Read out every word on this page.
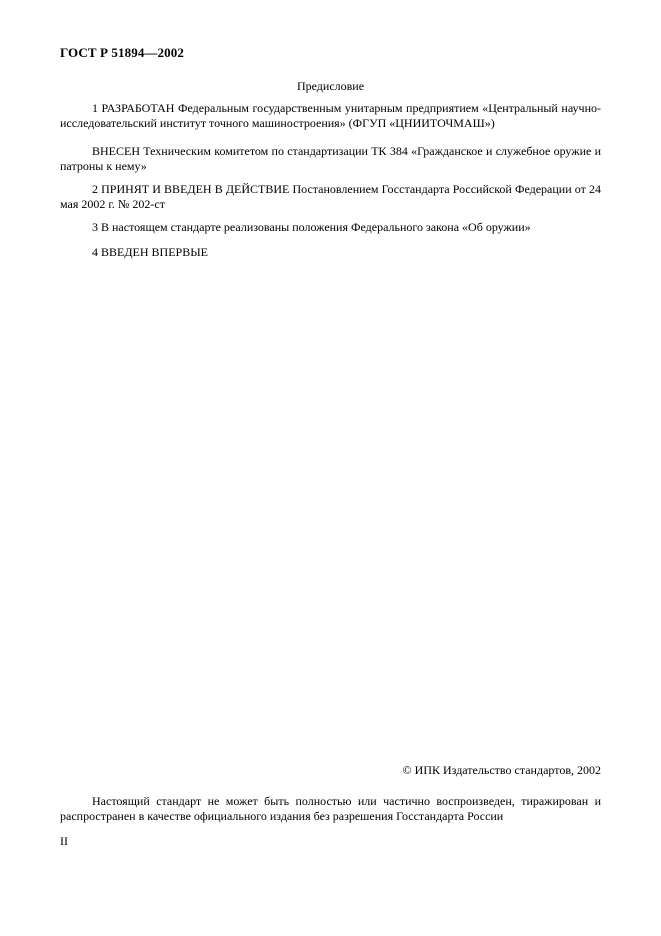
ГОСТ Р 51894—2002
Предисловие
1 РАЗРАБОТАН Федеральным государственным унитарным предприятием «Центральный научно-исследовательский институт точного машиностроения» (ФГУП «ЦНИИТОЧМАШ»)
ВНЕСЕН Техническим комитетом по стандартизации ТК 384 «Гражданское и служебное оружие и патроны к нему»
2 ПРИНЯТ И ВВЕДЕН В ДЕЙСТВИЕ Постановлением Госстандарта Российской Федерации от 24 мая 2002 г. № 202-ст
3 В настоящем стандарте реализованы положения Федерального закона «Об оружии»
4 ВВЕДЕН ВПЕРВЫЕ
© ИПК Издательство стандартов, 2002
Настоящий стандарт не может быть полностью или частично воспроизведен, тиражирован и распространен в качестве официального издания без разрешения Госстандарта России
II
